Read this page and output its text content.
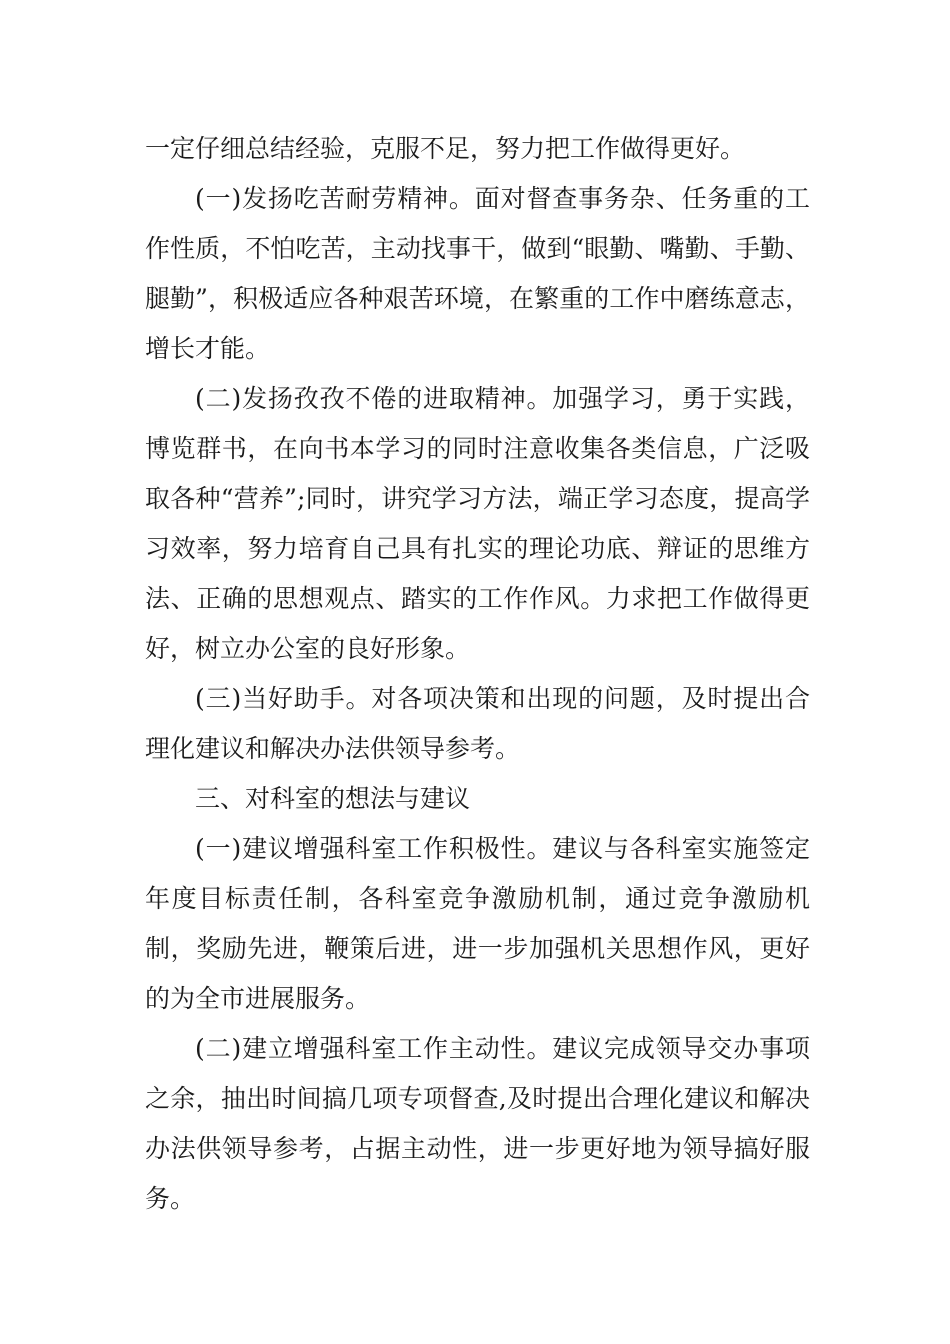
一定仔细总结经验，克服不足，努力把工作做得更好。

(一)发扬吃苦耐劳精神。面对督查事务杂、任务重的工作性质，不怕吃苦，主动找事干，做到“眼勤、嘴勤、手勤、腿勤”，积极适应各种艰苦环境，在繁重的工作中磨练意志，增长才能。

(二)发扬孜孜不倦的进取精神。加强学习，勇于实践，博览群书，在向书本学习的同时注意收集各类信息，广泛吸取各种“营养”;同时，讲究学习方法，端正学习态度，提高学习效率，努力培育自己具有扎实的理论功底、辩证的思维方法、正确的思想观点、踏实的工作作风。力求把工作做得更好，树立办公室的良好形象。

(三)当好助手。对各项决策和出现的问题，及时提出合理化建议和解决办法供领导参考。

三、对科室的想法与建议

(一)建议增强科室工作积极性。建议与各科室实施签定年度目标责任制，各科室竞争激励机制，通过竞争激励机制，奖励先进，鞭策后进，进一步加强机关思想作风，更好的为全市进展服务。

(二)建立增强科室工作主动性。建议完成领导交办事项之余，抽出时间搞几项专项督查,及时提出合理化建议和解决办法供领导参考，占据主动性，进一步更好地为领导搞好服务。
